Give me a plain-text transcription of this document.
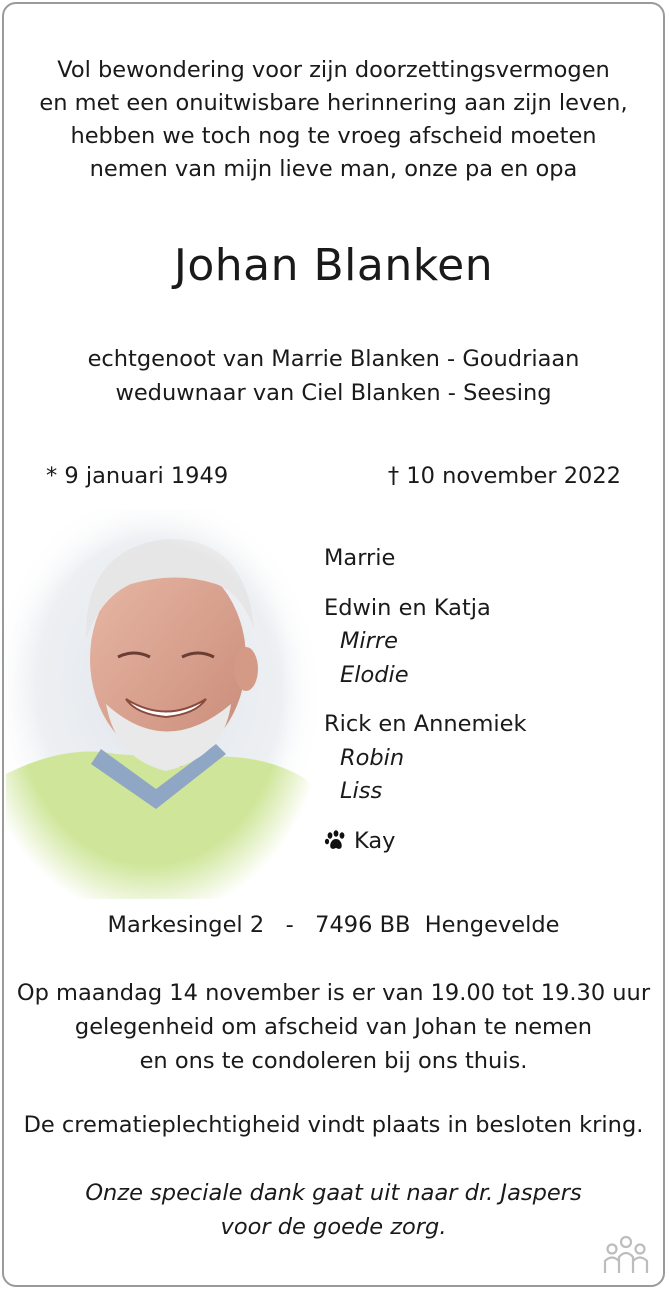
Vol bewondering voor zijn doorzettingsvermogen
en met een onuitwisbare herinnering aan zijn leven,
hebben we toch nog te vroeg afscheid moeten
nemen van mijn lieve man, onze pa en opa
Johan Blanken
echtgenoot van Marrie Blanken - Goudriaan
weduwnaar van Ciel Blanken - Seesing
* 9 januari 1949	† 10 november 2022
Marrie
Edwin en Katja
Mirre
Elodie
Rick en Annemiek
Robin
Liss
Kay
Markesingel 2   -   7496 BB  Hengevelde
Op maandag 14 november is er van 19.00 tot 19.30 uur
gelegenheid om afscheid van Johan te nemen
en ons te condoleren bij ons thuis.
De crematieplechtigheid vindt plaats in besloten kring.
Onze speciale dank gaat uit naar dr. Jaspers
voor de goede zorg.
